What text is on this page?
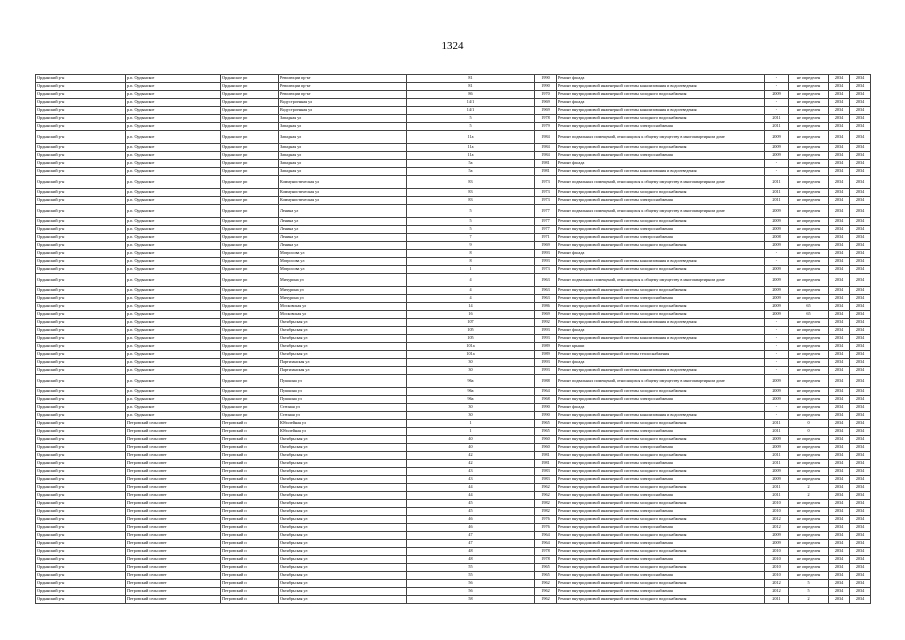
1324
Ордынский р-н	р.п. Ордынское	Ордынское рп	Революции пр-кт	81	1990	Ремонт фасада	-	не определен	2034	2034
Ордынский р-н	р.п. Ордынское	Ордынское рп	Революции пр-кт	81	1990	Ремонт внутридомовой инженерной системы канализования и водоотведения	-	не определен	2034	2034
Ордынский р-н	р.п. Ордынское	Ордынское рп	Революции пр-кт	86	1970	Ремонт внутридомовой инженерной системы холодного водоснабжения	2009	не определен	2034	2034
Ордынский р-н	р.п. Ордынское	Ордынское рп	Водустроенная ул	14/1	1969	Ремонт фасада	-	не определен	2034	2034
Ордынский р-н	р.п. Ордынское	Ордынское рп	Водустроенная ул	14/1	1969	Ремонт внутридомовой инженерной системы канализования и водоотведения	-	не определен	2034	2034
Ордынский р-н	р.п. Ордынское	Ордынское рп	Западная ул	5	1978	Ремонт внутридомовой инженерной системы холодного водоснабжения	2011	не определен	2034	2034
Ордынский р-н	р.п. Ордынское	Ордынское рп	Западная ул	5	1979	Ремонт внутридомовой инженерной системы электроснабжения	2011	не определен	2034	2034
Ордынский р-н	р.п. Ордынское	Ордынское рп	Западная ул	11а	1984	Ремонт подвальных помещений, относящихся к общему имуществу в многоквартирном доме	2009	не определен	2034	2034
Ордынский р-н	р.п. Ордынское	Ордынское рп	Западная ул	11а	1984	Ремонт внутридомовой инженерной системы холодного водоснабжения	2009	не определен	2034	2034
Ордынский р-н	р.п. Ордынское	Ордынское рп	Западная ул	11а	1984	Ремонт внутридомовой инженерной системы электроснабжения	2009	не определен	2034	2034
Ордынский р-н	р.п. Ордынское	Ордынское рп	Западная ул	5а	1981	Ремонт фасада	-	не определен	2034	2034
Ордынский р-н	р.п. Ордынское	Ордынское рп	Западная ул	5а	1981	Ремонт внутридомовой инженерной системы канализования и водоотведения	-	не определен	2034	2034
Ордынский р-н	р.п. Ордынское	Ордынское рп	Коммунистическая ул	83	1973	Ремонт подвальных помещений, относящихся к общему имуществу в многоквартирном доме	2011	не определен	2034	2034
Ордынский р-н	р.п. Ордынское	Ордынское рп	Коммунистическая ул	83	1973	Ремонт внутридомовой инженерной системы холодного водоснабжения	2011	не определен	2034	2034
Ордынский р-н	р.п. Ордынское	Ордынское рп	Коммунистическая ул	83	1973	Ремонт внутридомовой инженерной системы электроснабжения	2011	не определен	2034	2034
Ордынский р-н	р.п. Ордынское	Ордынское рп	Ленина ул	5	1977	Ремонт подвальных помещений, относящихся к общему имуществу в многоквартирном доме	2009	не определен	2034	2034
Ордынский р-н	р.п. Ордынское	Ордынское рп	Ленина ул	5	1977	Ремонт внутридомовой инженерной системы холодного водоснабжения	2009	не определен	2034	2034
Ордынский р-н	р.п. Ордынское	Ордынское рп	Ленина ул	5	1977	Ремонт внутридомовой инженерной системы электроснабжения	2009	не определен	2034	2034
Ордынский р-н	р.п. Ордынское	Ордынское рп	Ленина ул	7	1971	Ремонт внутридомовой инженерной системы электроснабжения	2008	не определен	2034	2034
Ордынский р-н	р.п. Ордынское	Ордынское рп	Ленина ул	9	1969	Ремонт внутридомовой инженерной системы холодного водоснабжения	2009	не определен	2034	2034
Ордынский р-н	р.п. Ордынское	Ордынское рп	Матросова ул	8	1993	Ремонт фасада	-	не определен	2034	2034
Ордынский р-н	р.п. Ордынское	Ордынское рп	Матросова ул	8	1993	Ремонт внутридомовой инженерной системы канализования и водоотведения	-	не определен	2034	2034
Ордынский р-н	р.п. Ордынское	Ордынское рп	Матросова ул	1	1973	Ремонт внутридомовой инженерной системы холодного водоснабжения	2009	не определен	2034	2034
Ордынский р-н	р.п. Ордынское	Ордынское рп	Мичурина ул	4	1963	Ремонт подвальных помещений, относящихся к общему имуществу в многоквартирном доме	2009	не определен	2034	2034
Ордынский р-н	р.п. Ордынское	Ордынское рп	Мичурина ул	4	1963	Ремонт внутридомовой инженерной системы холодного водоснабжения	2009	не определен	2034	2034
Ордынский р-н	р.п. Ордынское	Ордынское рп	Мичурина ул	4	1963	Ремонт внутридомовой инженерной системы электроснабжения	2009	не определен	2034	2034
Ордынский р-н	р.п. Ордынское	Ордынское рп	Московская ул	14	1986	Ремонт внутридомовой инженерной системы холодного водоснабжения	2009	65	2034	2034
Ордынский р-н	р.п. Ордынское	Ордынское рп	Московская ул	16	1969	Ремонт внутридомовой инженерной системы холодного водоснабжения	2009	65	2034	2034
Ордынский р-н	р.п. Ордынское	Ордынское рп	Октябрьская ул	107	1992	Ремонт внутридомовой инженерной системы канализования и водоотведения	-	не определен	2034	2034
Ордынский р-н	р.п. Ордынское	Ордынское рп	Октябрьская ул	105	1993	Ремонт фасада	-	не определен	2034	2034
Ордынский р-н	р.п. Ордынское	Ордынское рп	Октябрьская ул	105	1993	Ремонт внутридомовой инженерной системы канализования и водоотведения	-	не определен	2034	2034
Ордынский р-н	р.п. Ордынское	Ордынское рп	Октябрьская ул	101а	1989	Ремонт крыши	-	не определен	2034	2034
Ордынский р-н	р.п. Ордынское	Ордынское рп	Октябрьская ул	101а	1989	Ремонт внутридомовой инженерной системы теплоснабжения	-	не определен	2034	2034
Ордынский р-н	р.п. Ордынское	Ордынское рп	Партизанская ул	30	1993	Ремонт фасада	-	не определен	2034	2034
Ордынский р-н	р.п. Ордынское	Ордынское рп	Партизанская ул	30	1993	Ремонт внутридомовой инженерной системы канализования и водоотведения	-	не определен	2034	2034
Ордынский р-н	р.п. Ордынское	Ордынское рп	Пушкина ул	96а	1988	Ремонт подвальных помещений, относящихся к общему имуществу в многоквартирном доме	2009	не определен	2034	2034
Ордынский р-н	р.п. Ордынское	Ордынское рп	Пушкина ул	96а	1964	Ремонт внутридомовой инженерной системы холодного водоснабжения	2009	не определен	2034	2034
Ордынский р-н	р.п. Ордынское	Ордынское рп	Пушкина ул	96а	1968	Ремонт внутридомовой инженерной системы электроснабжения	2009	не определен	2034	2034
Ордынский р-н	р.п. Ордынское	Ордынское рп	Степная ул	30	1990	Ремонт фасада	-	не определен	2034	2034
Ордынский р-н	р.п. Ордынское	Ордынское рп	Степная ул	30	1990	Ремонт внутридомовой инженерной системы канализования и водоотведения	-	не определен	2034	2034
Ордынский р-н	Петровский сельсовет	Петровский п	Юбилейная ул	1	1965	Ремонт внутридомовой инженерной системы холодного водоснабжения	2011	0	2034	2034
Ордынский р-н	Петровский сельсовет	Петровский п	Юбилейная ул	1	1965	Ремонт внутридомовой инженерной системы электроснабжения	2011	0	2034	2034
Ордынский р-н	Петровский сельсовет	Петровский п	Октябрьская ул	40	1960	Ремонт внутридомовой инженерной системы холодного водоснабжения	2009	не определен	2034	2034
Ордынский р-н	Петровский сельсовет	Петровский п	Октябрьская ул	40	1960	Ремонт внутридомовой инженерной системы электроснабжения	2009	не определен	2034	2034
Ордынский р-н	Петровский сельсовет	Петровский п	Октябрьская ул	42	1981	Ремонт внутридомовой инженерной системы холодного водоснабжения	2011	не определен	2034	2034
Ордынский р-н	Петровский сельсовет	Петровский п	Октябрьская ул	42	1981	Ремонт внутридомовой инженерной системы электроснабжения	2011	не определен	2034	2034
Ордынский р-н	Петровский сельсовет	Петровский п	Октябрьская ул	43	1983	Ремонт внутридомовой инженерной системы холодного водоснабжения	2009	не определен	2034	2034
Ордынский р-н	Петровский сельсовет	Петровский п	Октябрьская ул	43	1983	Ремонт внутридомовой инженерной системы электроснабжения	2009	не определен	2034	2034
Ордынский р-н	Петровский сельсовет	Петровский п	Октябрьская ул	44	1962	Ремонт внутридомовой инженерной системы холодного водоснабжения	2011	2	2034	2034
Ордынский р-н	Петровский сельсовет	Петровский п	Октябрьская ул	44	1962	Ремонт внутридомовой инженерной системы электроснабжения	2011	2	2034	2034
Ордынский р-н	Петровский сельсовет	Петровский п	Октябрьская ул	45	1982	Ремонт внутридомовой инженерной системы холодного водоснабжения	2010	не определен	2034	2034
Ордынский р-н	Петровский сельсовет	Петровский п	Октябрьская ул	45	1982	Ремонт внутридомовой инженерной системы электроснабжения	2010	не определен	2034	2034
Ордынский р-н	Петровский сельсовет	Петровский п	Октябрьская ул	46	1976	Ремонт внутридомовой инженерной системы холодного водоснабжения	2012	не определен	2034	2034
Ордынский р-н	Петровский сельсовет	Петровский п	Октябрьская ул	46	1976	Ремонт внутридомовой инженерной системы электроснабжения	2012	не определен	2034	2034
Ордынский р-н	Петровский сельсовет	Петровский п	Октябрьская ул	47	1964	Ремонт внутридомовой инженерной системы холодного водоснабжения	2009	не определен	2034	2034
Ордынский р-н	Петровский сельсовет	Петровский п	Октябрьская ул	47	1964	Ремонт внутридомовой инженерной системы электроснабжения	2009	не определен	2034	2034
Ордынский р-н	Петровский сельсовет	Петровский п	Октябрьская ул	48	1978	Ремонт внутридомовой инженерной системы холодного водоснабжения	2010	не определен	2034	2034
Ордынский р-н	Петровский сельсовет	Петровский п	Октябрьская ул	48	1978	Ремонт внутридомовой инженерной системы электроснабжения	2010	не определен	2034	2034
Ордынский р-н	Петровский сельсовет	Петровский п	Октябрьская ул	55	1965	Ремонт внутридомовой инженерной системы холодного водоснабжения	2010	не определен	2034	2034
Ордынский р-н	Петровский сельсовет	Петровский п	Октябрьская ул	55	1965	Ремонт внутридомовой инженерной системы электроснабжения	2010	не определен	2034	2034
Ордынский р-н	Петровский сельсовет	Петровский п	Октябрьская ул	56	1962	Ремонт внутридомовой инженерной системы холодного водоснабжения	2012	5	2034	2034
Ордынский р-н	Петровский сельсовет	Петровский п	Октябрьская ул	56	1962	Ремонт внутридомовой инженерной системы электроснабжения	2012	5	2034	2034
Ордынский р-н	Петровский сельсовет	Петровский п	Октябрьская ул	58	1962	Ремонт внутридомовой инженерной системы холодного водоснабжения	2011	2	2034	2034
